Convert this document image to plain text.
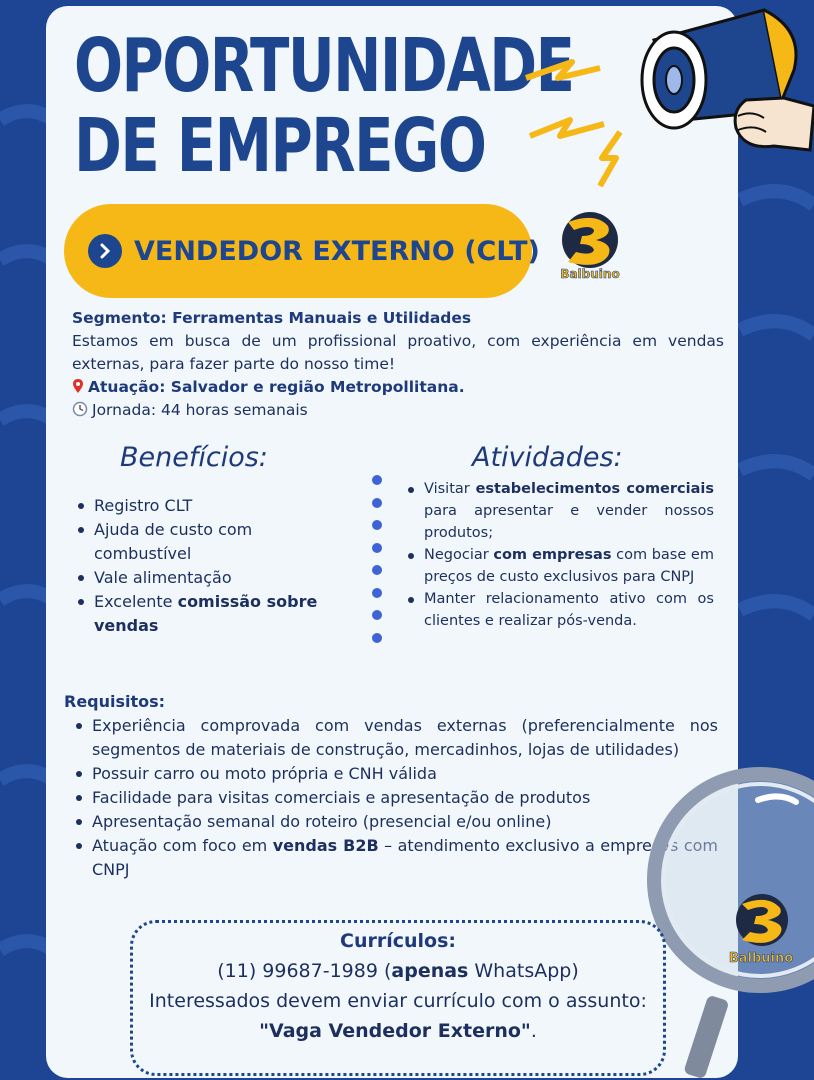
OPORTUNIDADE
DE EMPREGO
VENDEDOR EXTERNO (CLT)
Balbuino
Segmento: Ferramentas Manuais e Utilidades
Estamos em busca de um profissional proativo, com experiência em vendas externas, para fazer parte do nosso time!
Atuação: Salvador e região Metropollitana.
Jornada: 44 horas semanais
Benefícios:	Atividades:
Registro CLT
Ajuda de custo com combustível
Vale alimentação
Excelente comissão sobre vendas
Visitar estabelecimentos comerciais para apresentar e vender nossos produtos;
Negociar com empresas com base em preços de custo exclusivos para CNPJ
Manter relacionamento ativo com os clientes e realizar pós-venda.
Requisitos:
Experiência comprovada com vendas externas (preferencialmente nos segmentos de materiais de construção, mercadinhos, lojas de utilidades)
Possuir carro ou moto própria e CNH válida
Facilidade para visitas comerciais e apresentação de produtos
Apresentação semanal do roteiro (presencial e/ou online)
Atuação com foco em vendas B2B – atendimento exclusivo a empresas com CNPJ
Balbuino
Currículos:
(11) 99687-1989 (apenas WhatsApp)
Interessados devem enviar currículo com o assunto:
"Vaga Vendedor Externo".
